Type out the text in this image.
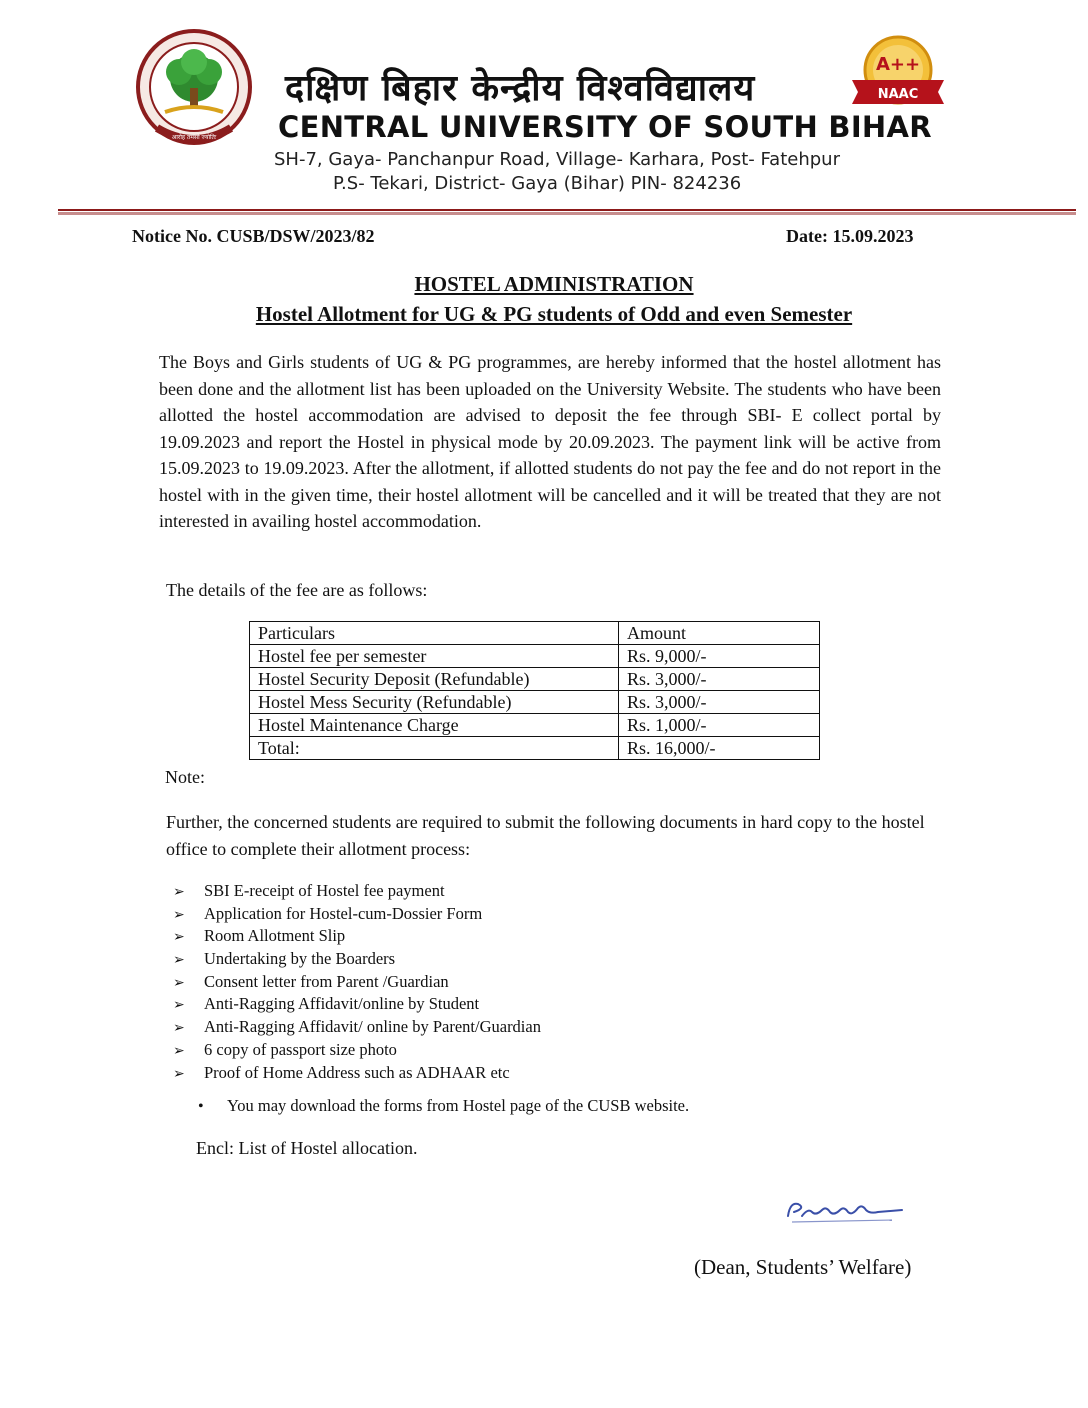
आरोह तमसो ज्योतिः
A++
NAAC
दक्षिण बिहार केन्द्रीय विश्वविद्यालय
CENTRAL UNIVERSITY OF SOUTH BIHAR
SH-7, Gaya- Panchanpur Road, Village- Karhara, Post- Fatehpur
P.S- Tekari, District- Gaya (Bihar) PIN- 824236
Notice No. CUSB/DSW/2023/82	Date: 15.09.2023
HOSTEL ADMINISTRATION
Hostel Allotment for UG & PG students of Odd and even Semester
The Boys and Girls students of UG & PG programmes, are hereby informed that the hostel allotment has been done and the allotment list has been uploaded on the University Website. The students who have been allotted the hostel accommodation are advised to deposit the fee through SBI- E collect portal by 19.09.2023 and report the Hostel in physical mode by 20.09.2023. The payment link will be active from 15.09.2023 to 19.09.2023. After the allotment, if allotted students do not pay the fee and do not report in the hostel with in the given time, their hostel allotment will be cancelled and it will be treated that they are not interested in availing hostel accommodation.
The details of the fee are as follows:
Particulars	Amount
Hostel fee per semester	Rs. 9,000/-
Hostel Security Deposit (Refundable)	Rs. 3,000/-
Hostel Mess Security (Refundable)	Rs. 3,000/-
Hostel Maintenance Charge	Rs. 1,000/-
Total:	Rs. 16,000/-
Note:
Further, the concerned students are required to submit the following documents in hard copy to the hostel office to complete their allotment process:
➢ SBI E-receipt of Hostel fee payment
➢ Application for Hostel-cum-Dossier Form
➢ Room Allotment Slip
➢ Undertaking by the Boarders
➢ Consent letter from Parent /Guardian
➢ Anti-Ragging Affidavit/online by Student
➢ Anti-Ragging Affidavit/ online by Parent/Guardian
➢ 6 copy of passport size photo
➢ Proof of Home Address such as ADHAAR etc
• You may download the forms from Hostel page of the CUSB website.
Encl: List of Hostel allocation.
(Dean, Students’ Welfare)
